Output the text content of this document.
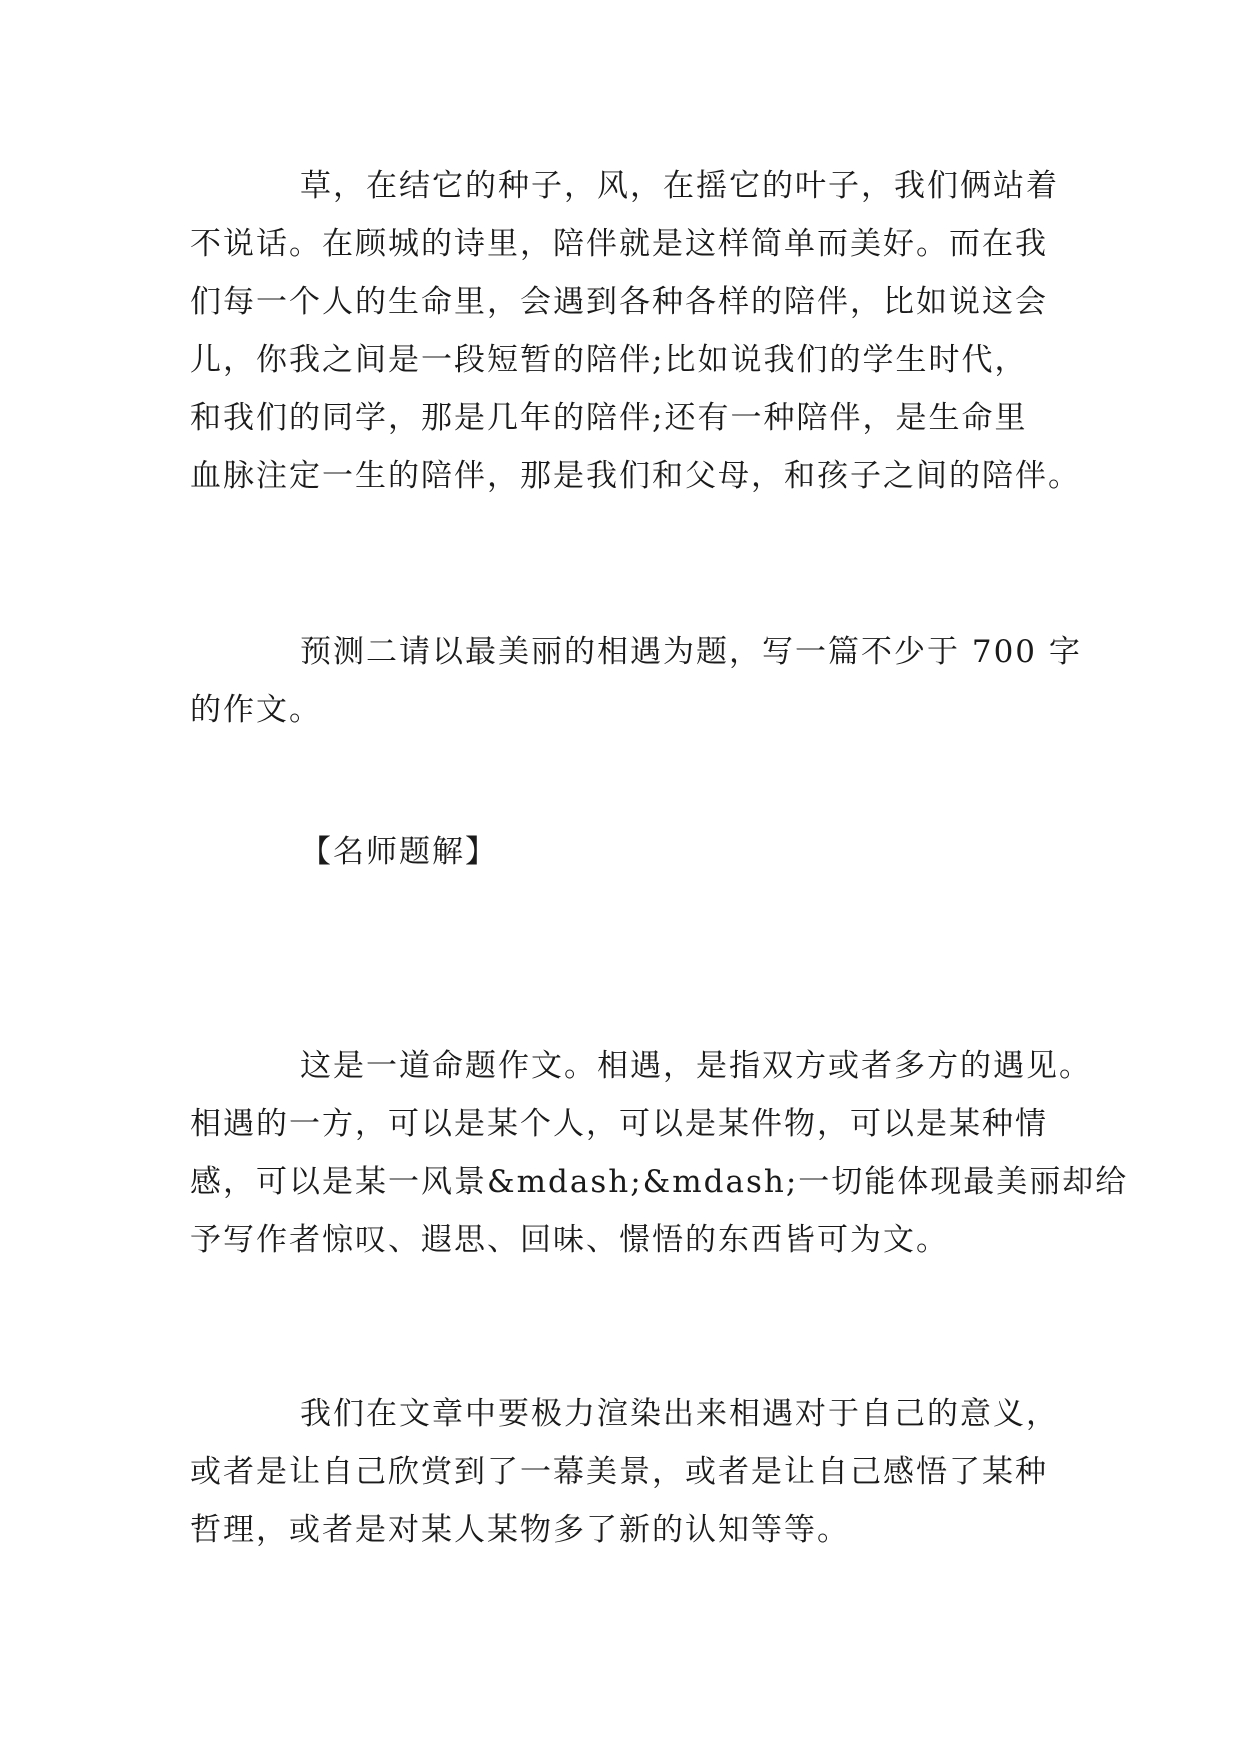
草，在结它的种子，风，在摇它的叶子，我们俩站着
不说话。在顾城的诗里，陪伴就是这样简单而美好。而在我
们每一个人的生命里，会遇到各种各样的陪伴，比如说这会
儿，你我之间是一段短暂的陪伴;比如说我们的学生时代，
和我们的同学，那是几年的陪伴;还有一种陪伴，是生命里
血脉注定一生的陪伴，那是我们和父母，和孩子之间的陪伴。
预测二请以最美丽的相遇为题，写一篇不少于 700 字
的作文。
【名师题解】
这是一道命题作文。相遇，是指双方或者多方的遇见。
相遇的一方，可以是某个人，可以是某件物，可以是某种情
感，可以是某一风景&mdash;&mdash;一切能体现最美丽却给
予写作者惊叹、遐思、回味、憬悟的东西皆可为文。
我们在文章中要极力渲染出来相遇对于自己的意义，
或者是让自己欣赏到了一幕美景，或者是让自己感悟了某种
哲理，或者是对某人某物多了新的认知等等。
